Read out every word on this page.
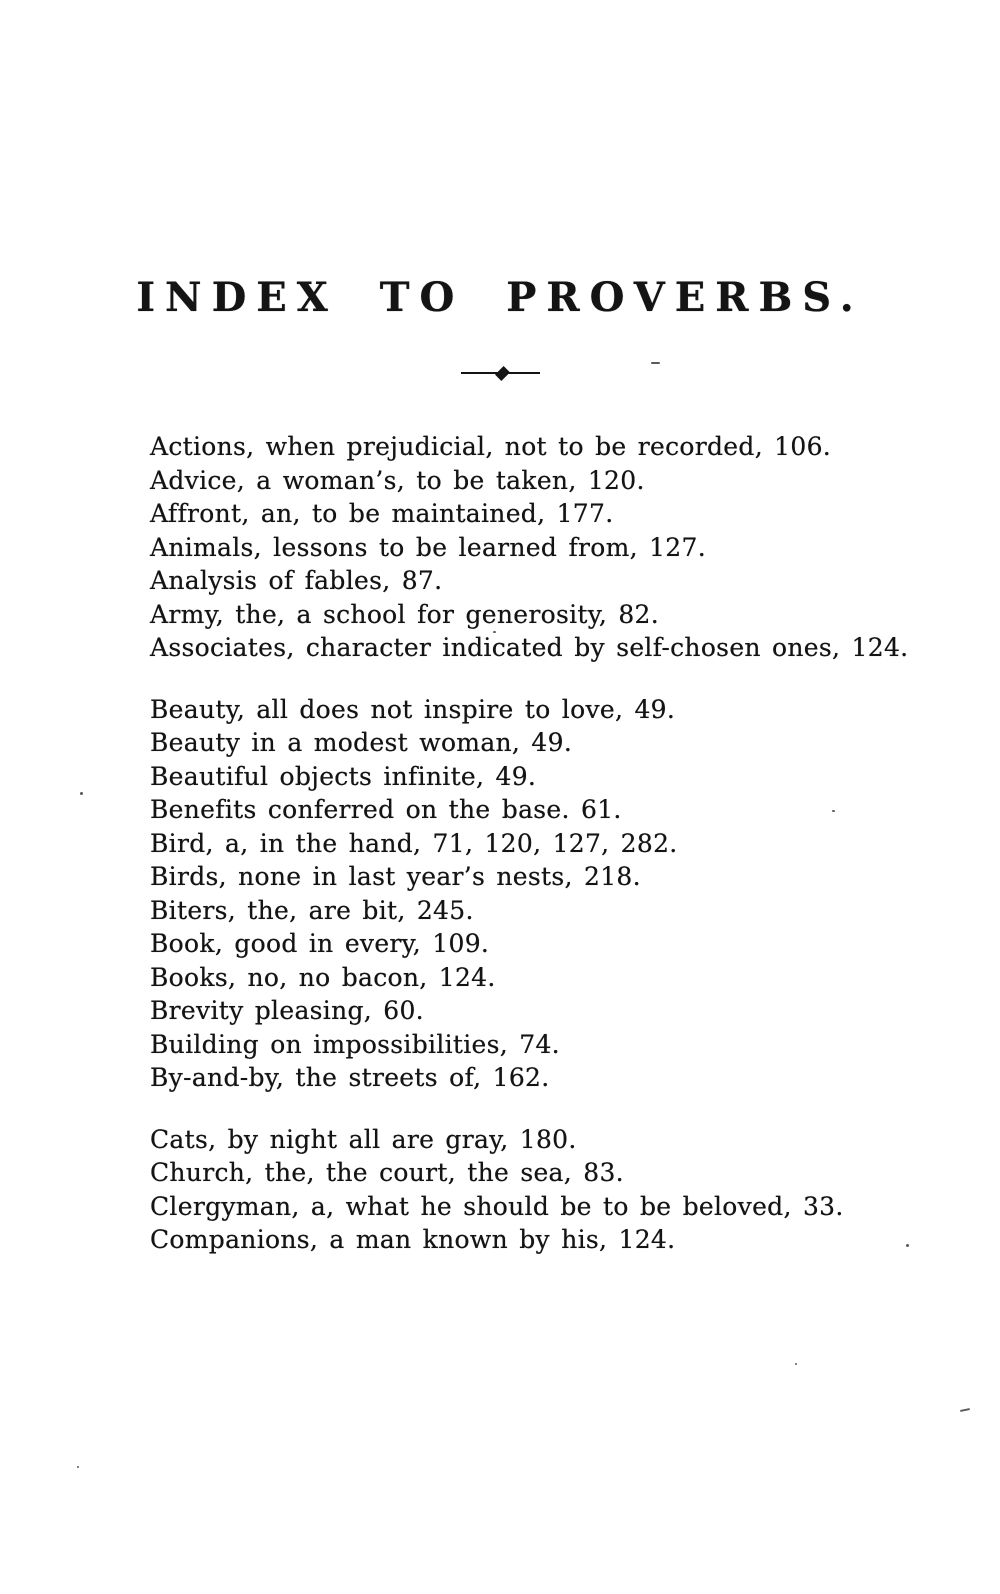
INDEX TO PROVERBS.

Actions, when prejudicial, not to be recorded, 106.

Advice, a woman’s, to be taken, 120.

Affront, an, to be maintained, 177.

Animals, lessons to be learned from, 127.

Analysis of fables, 87.

Army, the, a school for generosity, 82.

Associates, character indicated by self-chosen ones, 124.

Beauty, all does not inspire to love, 49.

Beauty in a modest woman, 49.

Beautiful objects infinite, 49.

Benefits conferred on the base. 61.

Bird, a, in the hand, 71, 120, 127, 282.

Birds, none in last year’s nests, 218.

Biters, the, are bit, 245.

Book, good in every, 109.

Books, no, no bacon, 124.

Brevity pleasing, 60.

Building on impossibilities, 74.

By-and-by, the streets of, 162.

Cats, by night all are gray, 180.

Church, the, the court, the sea, 83.

Clergyman, a, what he should be to be beloved, 33.

Companions, a man known by his, 124.
